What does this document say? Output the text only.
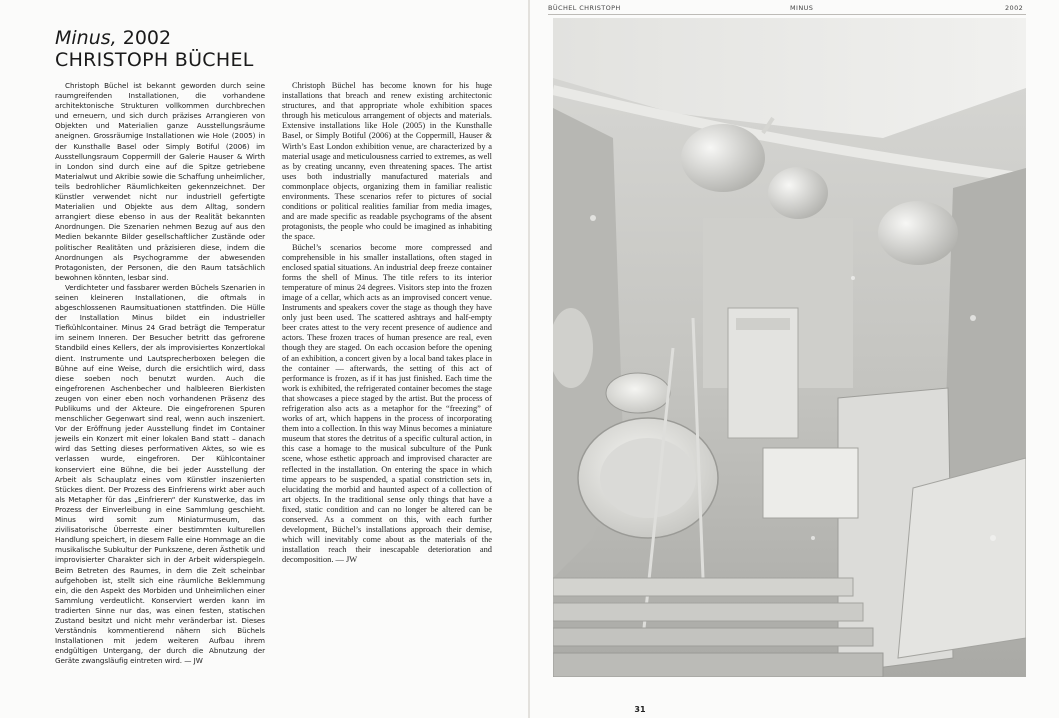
Minus, 2002
CHRISTOPH BÜCHEL

Christoph Büchel ist bekannt geworden durch seine raumgreifenden Installationen, die vorhandene architektonische Strukturen vollkommen durchbrechen und erneuern, und sich durch präzises Arrangieren von Objekten und Materialien ganze Ausstellungsräume aneignen. Grossräumige Installationen wie Hole (2005) in der Kunsthalle Basel oder Simply Botiful (2006) im Ausstellungsraum Coppermill der Galerie Hauser & Wirth in London sind durch eine auf die Spitze getriebene Materialwut und Akribie sowie die Schaffung unheimlicher, teils bedrohlicher Räumlichkeiten gekennzeichnet. Der Künstler verwendet nicht nur industriell gefertigte Materialien und Objekte aus dem Alltag, sondern arrangiert diese ebenso in aus der Realität bekannten Anordnungen. Die Szenarien nehmen Bezug auf aus den Medien bekannte Bilder gesellschaftlicher Zustände oder politischer Realitäten und präzisieren diese, indem die Anordnungen als Psychogramme der abwesenden Protagonisten, der Personen, die den Raum tatsächlich bewohnen könnten, lesbar sind.

Verdichteter und fassbarer werden Büchels Szenarien in seinen kleineren Installationen, die oftmals in abgeschlossenen Raumsituationen stattfinden. Die Hülle der Installation Minus bildet ein industrieller Tiefkühlcontainer. Minus 24 Grad beträgt die Temperatur im seinem Inneren. Der Besucher betritt das gefrorene Standbild eines Kellers, der als improvisiertes Konzertlokal dient. Instrumente und Lautsprecherboxen belegen die Bühne auf eine Weise, durch die ersichtlich wird, dass diese soeben noch benutzt wurden. Auch die eingefrorenen Aschenbecher und halbleeren Bierkisten zeugen von einer eben noch vorhandenen Präsenz des Publikums und der Akteure. Die eingefrorenen Spuren menschlicher Gegenwart sind real, wenn auch inszeniert. Vor der Eröffnung jeder Ausstellung findet im Container jeweils ein Konzert mit einer lokalen Band statt – danach wird das Setting dieses performativen Aktes, so wie es verlassen wurde, eingefroren. Der Kühlcontainer konserviert eine Bühne, die bei jeder Ausstellung der Arbeit als Schauplatz eines vom Künstler inszenierten Stückes dient. Der Prozess des Einfrierens wirkt aber auch als Metapher für das „Einfrieren“ der Kunstwerke, das im Prozess der Einverleibung in eine Sammlung geschieht. Minus wird somit zum Miniaturmuseum, das zivilisatorische Überreste einer bestimmten kulturellen Handlung speichert, in diesem Falle eine Hommage an die musikalische Subkultur der Punkszene, deren Ästhetik und improvisierter Charakter sich in der Arbeit widerspiegeln. Beim Betreten des Raumes, in dem die Zeit scheinbar aufgehoben ist, stellt sich eine räumliche Beklemmung ein, die den Aspekt des Morbiden und Unheimlichen einer Sammlung verdeutlicht. Konserviert werden kann im tradierten Sinne nur das, was einen festen, statischen Zustand besitzt und nicht mehr veränderbar ist. Dieses Verständnis kommentierend nähern sich Büchels Installationen mit jedem weiteren Aufbau ihrem endgültigen Untergang, der durch die Abnutzung der Geräte zwangsläufig eintreten wird. — JW

Christoph Büchel has become known for his huge installations that breach and renew existing architectonic structures, and that appropriate whole exhibition spaces through his meticulous arrangement of objects and materials. Extensive installations like Hole (2005) in the Kunsthalle Basel, or Simply Botiful (2006) at the Coppermill, Hauser & Wirth’s East London exhibition venue, are characterized by a material usage and meticulousness carried to extremes, as well as by creating uncanny, even threatening spaces. The artist uses both industrially manufactured materials and commonplace objects, organizing them in familiar realistic environments. These scenarios refer to pictures of social conditions or political realities familiar from media images, and are made specific as readable psychograms of the absent protagonists, the people who could be imagined as inhabiting the space.

Büchel’s scenarios become more compressed and comprehensible in his smaller installations, often staged in enclosed spatial situations. An industrial deep freeze container forms the shell of Minus. The title refers to its interior temperature of minus 24 degrees. Visitors step into the frozen image of a cellar, which acts as an improvised concert venue. Instruments and speakers cover the stage as though they have only just been used. The scattered ashtrays and half-empty beer crates attest to the very recent presence of audience and actors. These frozen traces of human presence are real, even though they are staged. On each occasion before the opening of an exhibition, a concert given by a local band takes place in the container — afterwards, the setting of this act of performance is frozen, as if it has just finished. Each time the work is exhibited, the refrigerated container becomes the stage that showcases a piece staged by the artist. But the process of refrigeration also acts as a metaphor for the “freezing” of works of art, which happens in the process of incorporating them into a collection. In this way Minus becomes a miniature museum that stores the detritus of a specific cultural action, in this case a homage to the musical subculture of the Punk scene, whose esthetic approach and improvised character are reflected in the installation. On entering the space in which time appears to be suspended, a spatial constriction sets in, elucidating the morbid and haunted aspect of a collection of art objects. In the traditional sense only things that have a fixed, static condition and can no longer be altered can be conserved. As a comment on this, with each further development, Büchel’s installations approach their demise, which will inevitably come about as the materials of the installation reach their inescapable deterioration and decomposition. — JW

BÜCHEL CHRISTOPH	MINUS	2002
31
